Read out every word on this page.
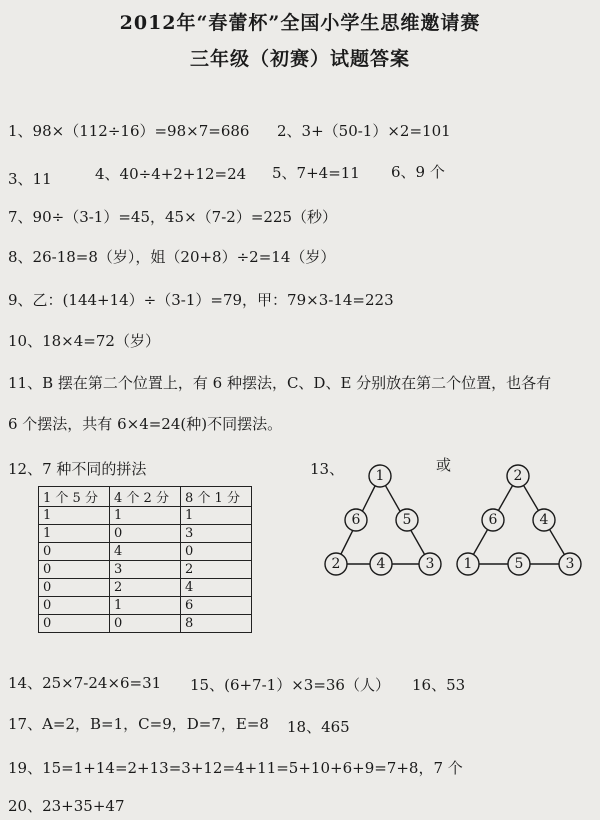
2012年“春蕾杯”全国小学生思维邀请赛
三年级（初赛）试题答案
1、98×（112÷16）=98×7=686 2、3+（50-1）×2=101
3、11	4、40÷4+2+12=24 5、7+4=11 6、9 个
7、90÷（3-1）=45，45×（7-2）=225（秒）
8、26-18=8（岁），姐（20+8）÷2=14（岁）
9、乙：(144+14）÷（3-1）=79，甲：79×3-14=223
10、18×4=72（岁）
11、B 摆在第二个位置上，有 6 种摆法，C、D、E 分别放在第二个位置，也各有
6 个摆法，共有 6×4=24(种)不同摆法。
12、7 种不同的拼法	13、	或
1 个 5 分	4 个 2 分	8 个 1 分
1	1	1
1	0	3
0	4	0
0	3	2
0	2	4
0	1	6
0	0	8
1
6	5
2	4	3
2
6	4
1	5	3
14、25×7-24×6=31 15、(6+7-1）×3=36（人） 16、53
17、A=2，B=1，C=9，D=7，E=8 18、465
19、15=1+14=2+13=3+12=4+11=5+10+6+9=7+8，7 个
20、23+35+47
